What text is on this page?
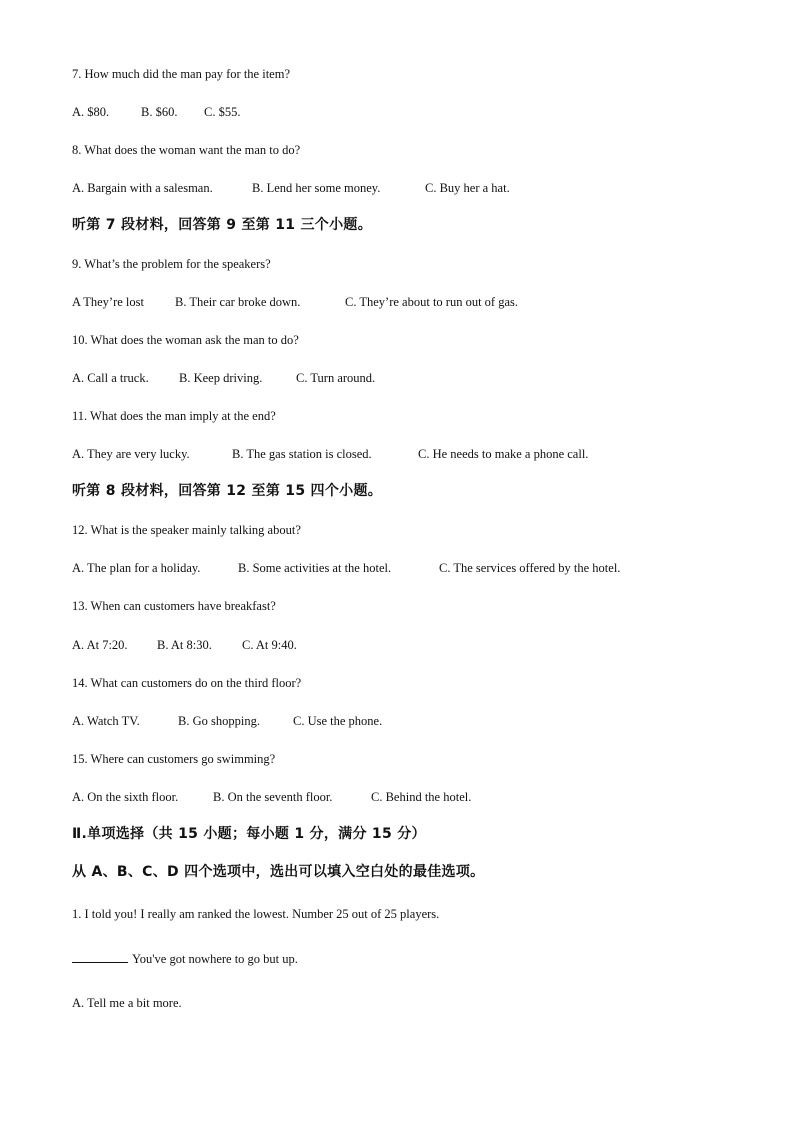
7. How much did the man pay for the item?
A. $80.	B. $60. C. $55.
8. What does the woman want the man to do?
A. Bargain with a salesman.	B. Lend her some money.	C. Buy her a hat.
听第 7 段材料，回答第 9 至第 11 三个小题。
9. What’s the problem for the speakers?
A They’re lost B. Their car broke down.	C. They’re about to run out of gas.
10. What does the woman ask the man to do?
A. Call a truck. B. Keep driving.	C. Turn around.
11. What does the man imply at the end?
A. They are very lucky.	B. The gas station is closed.	C. He needs to make a phone call.
听第 8 段材料，回答第 12 至第 15 四个小题。
12. What is the speaker mainly talking about?
A. The plan for a holiday.	B. Some activities at the hotel.	C. The services offered by the hotel.
13. When can customers have breakfast?
A. At 7:20. B. At 8:30. C. At 9:40.
14. What can customers do on the third floor?
A. Watch TV.	B. Go shopping.	C. Use the phone.
15. Where can customers go swimming?
A. On the sixth floor.	B. On the seventh floor.	C. Behind the hotel.
Ⅱ.单项选择（共 15 小题；每小题 1 分，满分 15 分）
从 A、B、C、D 四个选项中，选出可以填入空白处的最佳选项。
1. I told you! I really am ranked the lowest. Number 25 out of 25 players.
You've got nowhere to go but up.
A. Tell me a bit more.
